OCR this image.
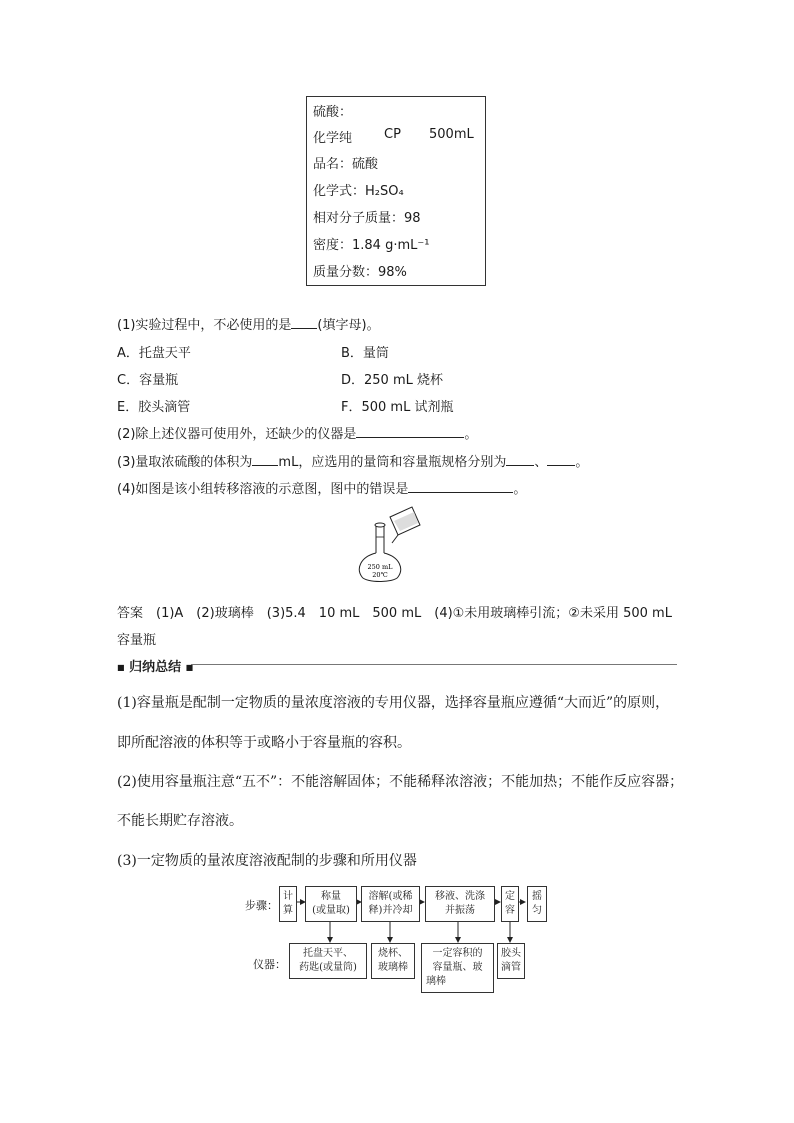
硫酸：
化学纯 CP 500mL
品名：硫酸
化学式：H₂SO₄
相对分子质量：98
密度：1.84 g·mL⁻¹
质量分数：98%
(1)实验过程中，不必使用的是 (填字母)。
A．托盘天平	B．量筒
C．容量瓶	D．250 mL 烧杯
E．胶头滴管	F．500 mL 试剂瓶
(2)除上述仪器可使用外，还缺少的仪器是	。
(3)量取浓硫酸的体积为 mL，应选用的量筒和容量瓶规格分别为 、 。
(4)如图是该小组转移溶液的示意图，图中的错误是	。
250 mL
20℃
答案　(1)A　(2)玻璃棒　(3)5.4　10 mL　500 mL　(4)①未用玻璃棒引流；②未采用 500 mL
容量瓶
■ 归纳总结 ■
(1)容量瓶是配制一定物质的量浓度溶液的专用仪器，选择容量瓶应遵循“大而近”的原则，
即所配溶液的体积等于或略小于容量瓶的容积。
(2)使用容量瓶注意“五不”：不能溶解固体；不能稀释浓溶液；不能加热；不能作反应容器；
不能长期贮存溶液。
(3)一定物质的量浓度溶液配制的步骤和所用仪器
步骤：
仪器：
计
算
称量
(或量取)
溶解(或稀
释)并冷却
移液、洗涤
并振荡
定
容
摇
匀
托盘天平、
药匙(或量筒)
烧杯、
玻璃棒
一定容积的
容量瓶、玻
璃棒
胶头
滴管
